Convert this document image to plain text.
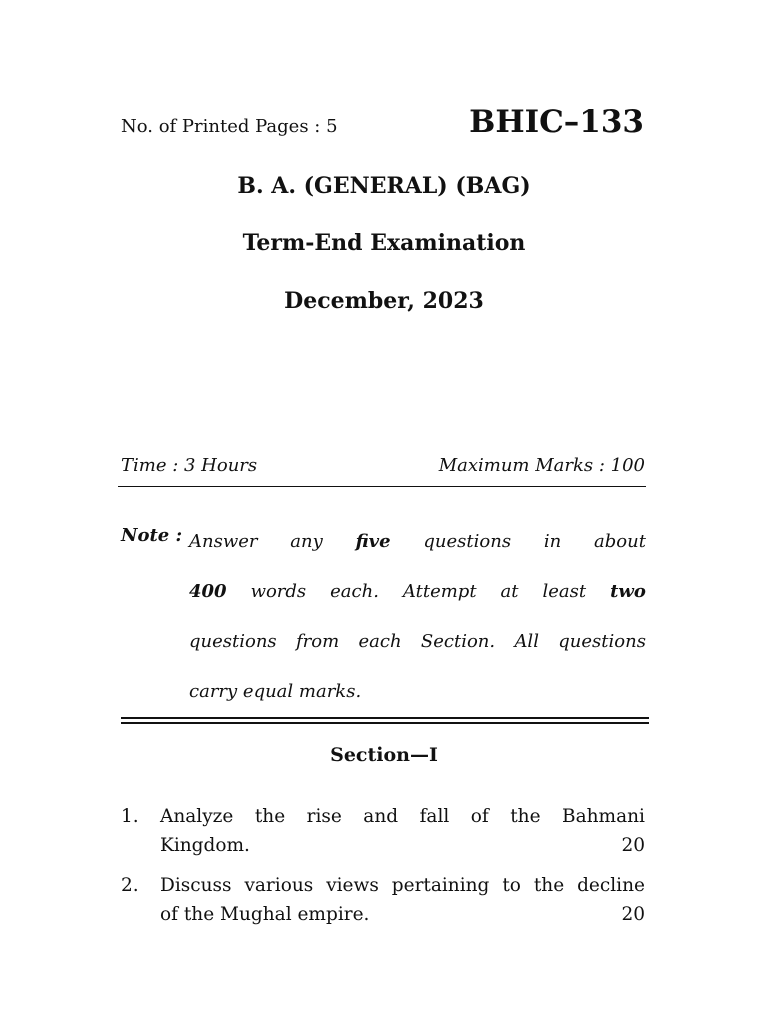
No. of Printed Pages : 5	BHIC–133
B. A. (GENERAL) (BAG)
Term-End Examination
December, 2023
Time : 3 Hours	Maximum Marks : 100
Note : Answer any five questions in about
400 words each. Attempt at least two
questions from each Section. All questions
carry equal marks.
Section—I
1. Analyze the rise and fall of the Bahmani
Kingdom.	20
2. Discuss various views pertaining to the decline
of the Mughal empire.	20
